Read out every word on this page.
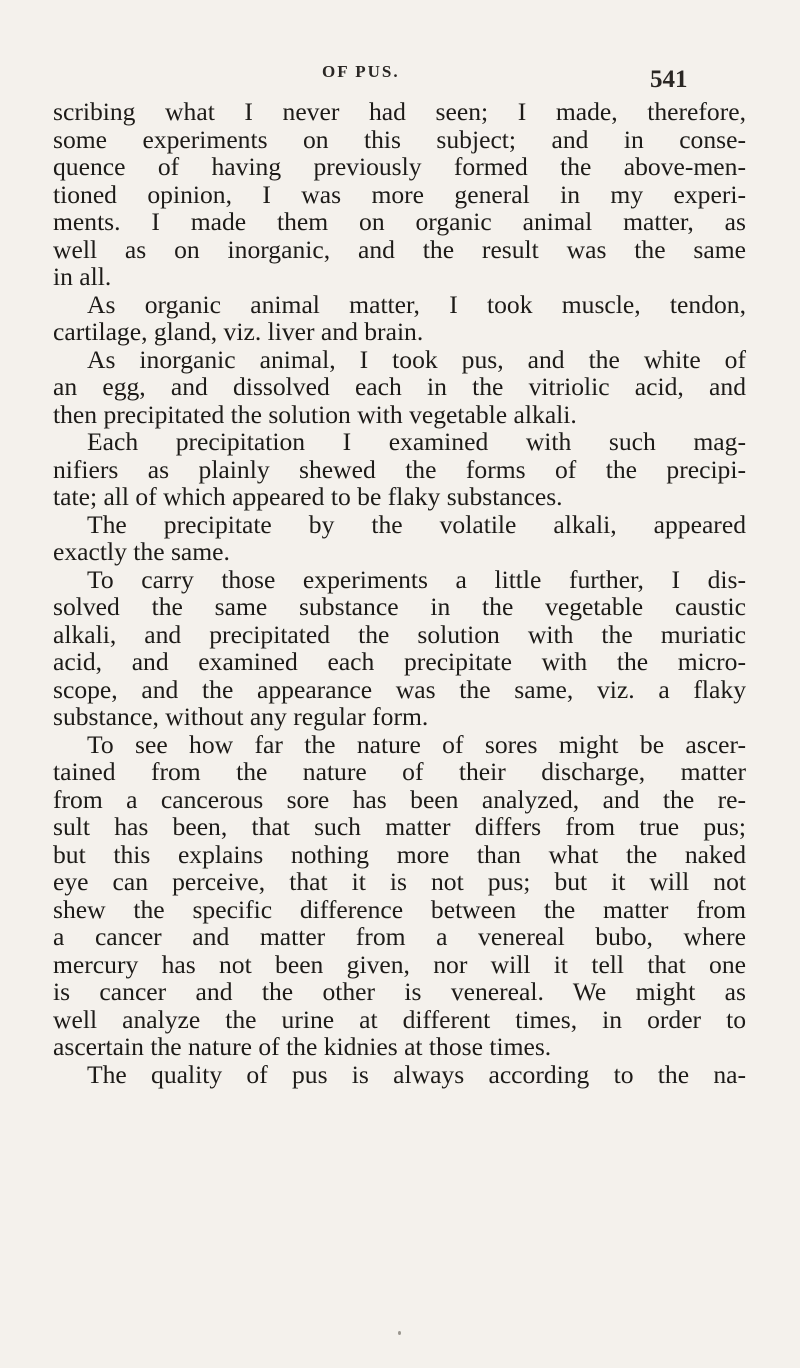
OF PUS.	541
scribing what I never had seen; I made, therefore,
some experiments on this subject; and in conse-
quence of having previously formed the above-men-
tioned opinion, I was more general in my experi-
ments. I made them on organic animal matter, as
well as on inorganic, and the result was the same
in all.
As organic animal matter, I took muscle, tendon,
cartilage, gland, viz. liver and brain.
As inorganic animal, I took pus, and the white of
an egg, and dissolved each in the vitriolic acid, and
then precipitated the solution with vegetable alkali.
Each precipitation I examined with such mag-
nifiers as plainly shewed the forms of the precipi-
tate; all of which appeared to be flaky substances.
The precipitate by the volatile alkali, appeared
exactly the same.
To carry those experiments a little further, I dis-
solved the same substance in the vegetable caustic
alkali, and precipitated the solution with the muriatic
acid, and examined each precipitate with the micro-
scope, and the appearance was the same, viz. a flaky
substance, without any regular form.
To see how far the nature of sores might be ascer-
tained from the nature of their discharge, matter
from a cancerous sore has been analyzed, and the re-
sult has been, that such matter differs from true pus;
but this explains nothing more than what the naked
eye can perceive, that it is not pus; but it will not
shew the specific difference between the matter from
a cancer and matter from a venereal bubo, where
mercury has not been given, nor will it tell that one
is cancer and the other is venereal. We might as
well analyze the urine at different times, in order to
ascertain the nature of the kidnies at those times.
The quality of pus is always according to the na-
